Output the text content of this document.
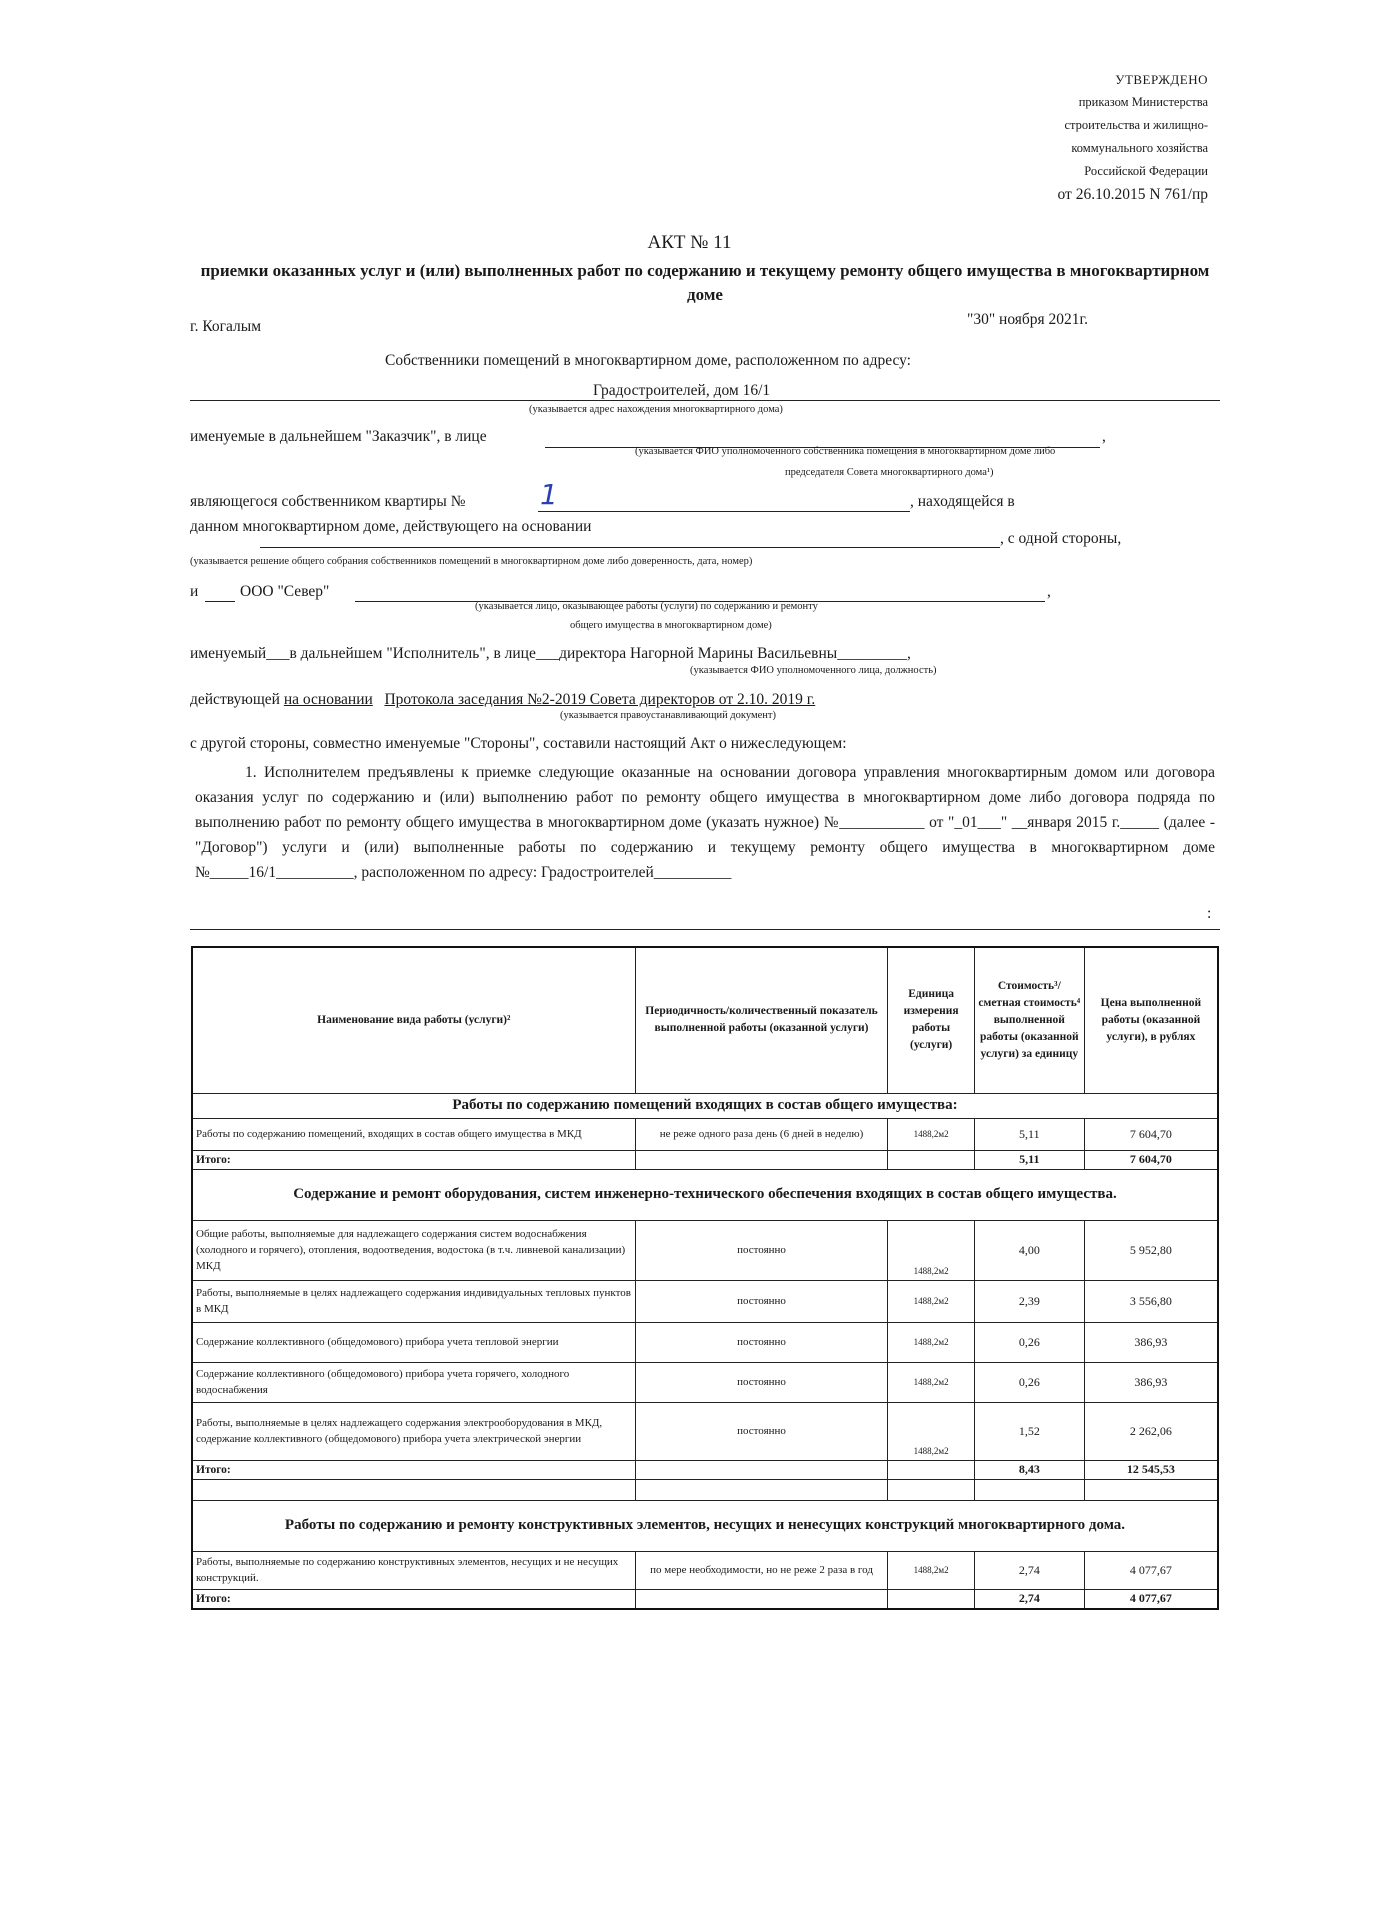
УТВЕРЖДЕНО
приказом Министерства
строительства и жилищно-
коммунального хозяйства
Российской Федерации
от 26.10.2015 N 761/пр
АКТ № 11
приемки оказанных услуг и (или) выполненных работ по содержанию и текущему ремонту общего имущества в многоквартирном доме
г. Когалым	"30" ноября 2021г.
Собственники помещений в многоквартирном доме, расположенном по адресу:
Градостроителей, дом 16/1
(указывается адрес нахождения многоквартирного дома)
именуемые в дальнейшем "Заказчик", в лице	,
(указывается ФИО уполномоченного собственника помещения в многоквартирном доме либо
председателя Совета многоквартирного дома¹)
являющегося собственником квартиры №	1	, находящейся в
данном многоквартирном доме, действующего на основании
, с одной стороны,
(указывается решение общего собрания собственников помещений в многоквартирном доме либо доверенность, дата, номер)
и	ООО "Север"	,
(указывается лицо, оказывающее работы (услуги) по содержанию и ремонту
общего имущества в многоквартирном доме)
именуемый___в дальнейшем "Исполнитель", в лице___директора Нагорной Марины Васильевны_________,
(указывается ФИО уполномоченного лица, должность)
действующей на основании Протокола заседания №2-2019 Совета директоров от 2.10. 2019 г.
(указывается правоустанавливающий документ)
с другой стороны, совместно именуемые "Стороны", составили настоящий Акт о нижеследующем:
1. Исполнителем предъявлены к приемке следующие оказанные на основании договора управления многоквартирным домом или договора оказания услуг по содержанию и (или) выполнению работ по ремонту общего имущества в многоквартирном доме либо договора подряда по выполнению работ по ремонту общего имущества в многоквартирном доме (указать нужное) №___________ от "_01___" __января 2015 г._____ (далее - "Договор") услуги и (или) выполненные работы по содержанию и текущему ремонту общего имущества в многоквартирном доме №_____16/1__________, расположенном по адресу: Градостроителей__________
:
Наименование вида работы (услуги)²	Периодичность/количественный показатель выполненной работы (оказанной услуги)	Единица измерения работы (услуги)	Стоимость³/сметная стоимость⁴ выполненной работы (оказанной услуги) за единицу	Цена выполненной работы (оказанной услуги), в рублях
Работы по содержанию помещений входящих в состав общего имущества:				
Работы по содержанию помещений, входящих в состав общего имущества в МКД	не реже одного раза день (6 дней в неделю)	1488,2м2	5,11	7 604,70
Итого:			5,11	7 604,70
Содержание и ремонт оборудования, систем инженерно-технического обеспечения входящих в состав общего имущества.				
Общие работы, выполняемые для надлежащего содержания систем водоснабжения (холодного и горячего), отопления, водоотведения, водостока (в т.ч. ливневой канализации) МКД	постоянно	1488,2м2	4,00	5 952,80
Работы, выполняемые в целях надлежащего содержания индивидуальных тепловых пунктов в МКД	постоянно	1488,2м2	2,39	3 556,80
Содержание коллективного (общедомового) прибора учета тепловой энергии	постоянно	1488,2м2	0,26	386,93
Содержание коллективного (общедомового) прибора учета горячего, холодного водоснабжения	постоянно	1488,2м2	0,26	386,93
Работы, выполняемые в целях надлежащего содержания электрооборудования в МКД, содержание коллективного (общедомового) прибора учета электрической энергии	постоянно	1488,2м2	1,52	2 262,06
Итого:			8,43	12 545,53

Работы по содержанию и ремонту конструктивных элементов, несущих и ненесущих конструкций многоквартирного дома.				
Работы, выполняемые по содержанию конструктивных элементов, несущих и не несущих конструкций.	по мере необходимости, но не реже 2 раза в год	1488,2м2	2,74	4 077,67
Итого:			2,74	4 077,67
